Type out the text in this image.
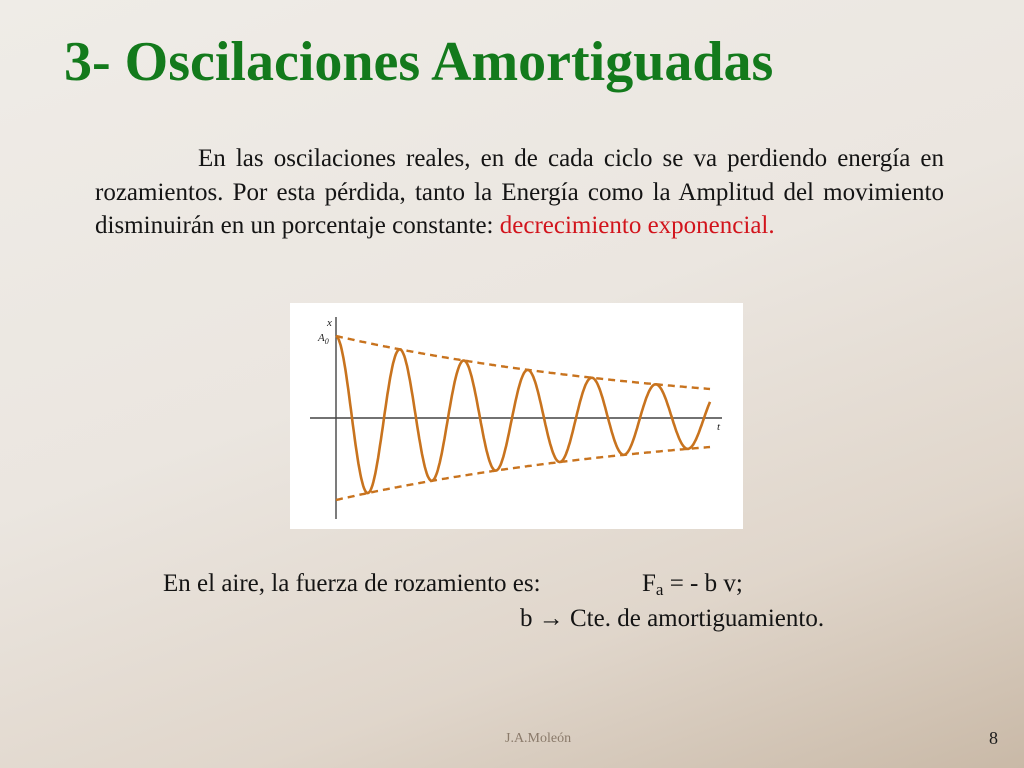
3- Oscilaciones Amortiguadas
En las oscilaciones reales, en de cada ciclo se va perdiendo energía en rozamientos. Por esta pérdida, tanto la Energía como la Amplitud del movimiento disminuirán en un porcentaje constante: decrecimiento exponencial.
x
$A_0$
t
En el aire, la fuerza de rozamiento es:	$F_a$ = - b v;
b → Cte. de amortiguamiento.
J.A.Moleón	8
